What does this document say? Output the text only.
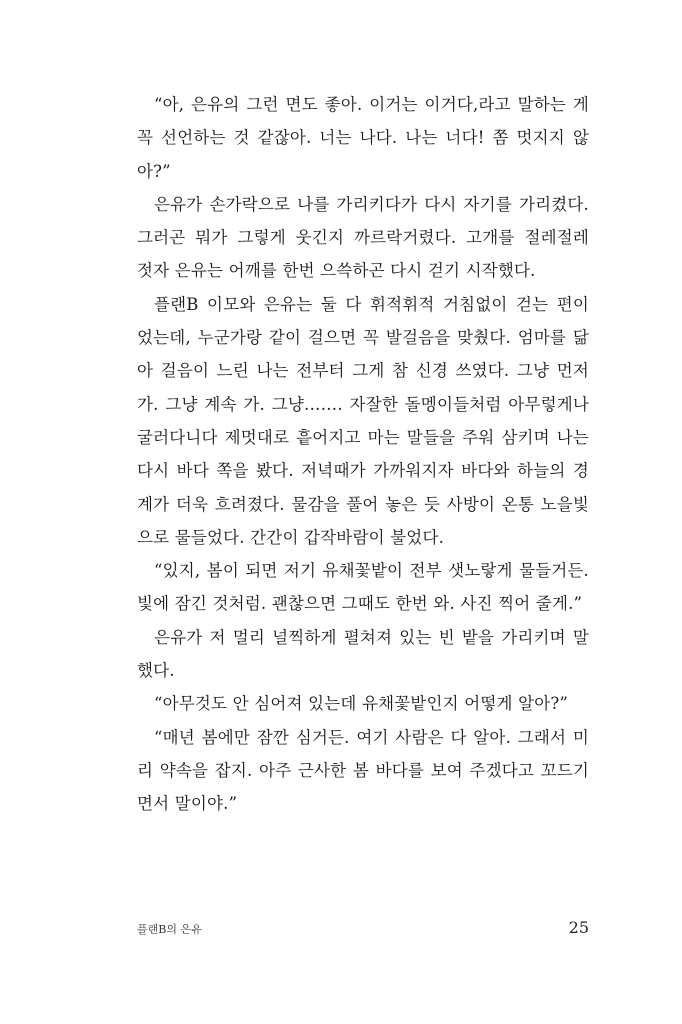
“아, 은유의 그런 면도 좋아. 이거는 이거다,라고 말하는 게
꼭 선언하는 것 같잖아. 너는 나다. 나는 너다! 쫌 멋지지 않
아?”
은유가 손가락으로 나를 가리키다가 다시 자기를 가리켰다.
그러곤 뭐가 그렇게 웃긴지 까르락거렸다. 고개를 절레절레
젓자 은유는 어깨를 한번 으쓱하곤 다시 걷기 시작했다.
플랜B 이모와 은유는 둘 다 휘적휘적 거침없이 걷는 편이
었는데, 누군가랑 같이 걸으면 꼭 발걸음을 맞췄다. 엄마를 닮
아 걸음이 느린 나는 전부터 그게 참 신경 쓰였다. 그냥 먼저
가. 그냥 계속 가. 그냥……. 자잘한 돌멩이들처럼 아무렇게나
굴러다니다 제멋대로 흩어지고 마는 말들을 주워 삼키며 나는
다시 바다 쪽을 봤다. 저녁때가 가까워지자 바다와 하늘의 경
계가 더욱 흐려졌다. 물감을 풀어 놓은 듯 사방이 온통 노을빛
으로 물들었다. 간간이 갑작바람이 불었다.
“있지, 봄이 되면 저기 유채꽃밭이 전부 샛노랗게 물들거든.
빛에 잠긴 것처럼. 괜찮으면 그때도 한번 와. 사진 찍어 줄게.”
은유가 저 멀리 널찍하게 펼쳐져 있는 빈 밭을 가리키며 말
했다.
“아무것도 안 심어져 있는데 유채꽃밭인지 어떻게 알아?”
“매년 봄에만 잠깐 심거든. 여기 사람은 다 알아. 그래서 미
리 약속을 잡지. 아주 근사한 봄 바다를 보여 주겠다고 꼬드기
면서 말이야.”
플랜B의 은유	25
